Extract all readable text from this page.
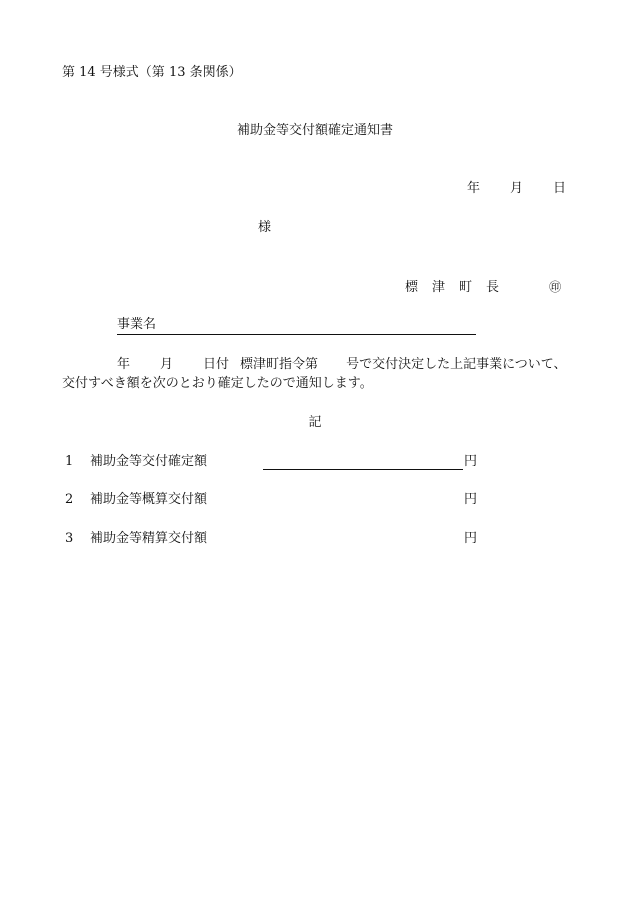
第 14 号様式（第 13 条関係）
補助金等交付額確定通知書
年 月 日
様
標 津 町 長	㊞
事業名
年 月 日付 標津町指令第 号で交付決定した上記事業について、
交付すべき額を次のとおり確定したので通知します。
記
1 補助金等交付確定額	円
2 補助金等概算交付額	円
3 補助金等精算交付額	円
